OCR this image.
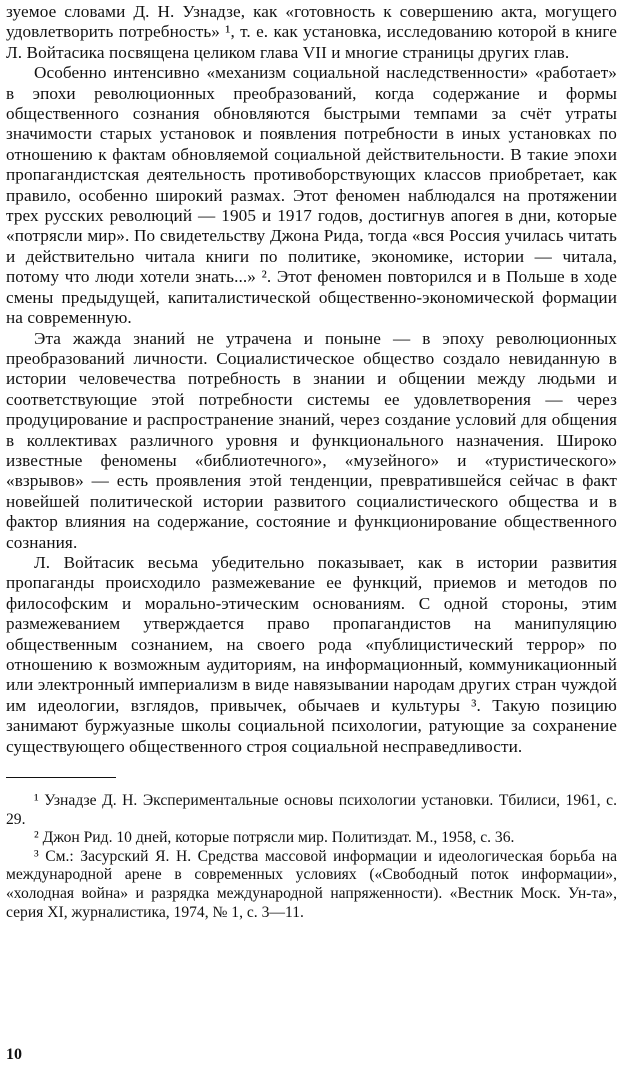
зуемое словами Д. Н. Узнадзе, как «готовность к совершению акта, могущего удовлетворить потребность» ¹, т. е. как установка, исследованию которой в книге Л. Войтасика посвящена целиком глава VII и многие страницы других глав.

Особенно интенсивно «механизм социальной наследственности» «работает» в эпохи революционных преобразований, когда содержание и формы общественного сознания обновляются быстрыми темпами за счёт утраты значимости старых установок и появления потребности в иных установках по отношению к фактам обновляемой социальной действительности. В такие эпохи пропагандистская деятельность противоборствующих классов приобретает, как правило, особенно широкий размах. Этот феномен наблюдался на протяжении трех русских революций — 1905 и 1917 годов, достигнув апогея в дни, которые «потрясли мир». По свидетельству Джона Рида, тогда «вся Россия училась читать и действительно читала книги по политике, экономике, истории — читала, потому что люди хотели знать...» ². Этот феномен повторился и в Польше в ходе смены предыдущей, капиталистической общественно-экономической формации на современную.

Эта жажда знаний не утрачена и поныне — в эпоху революционных преобразований личности. Социалистическое общество создало невиданную в истории человечества потребность в знании и общении между людьми и соответствующие этой потребности системы ее удовлетворения — через продуцирование и распространение знаний, через создание условий для общения в коллективах различного уровня и функционального назначения. Широко известные феномены «библиотечного», «музейного» и «туристического» «взрывов» — есть проявления этой тенденции, превратившейся сейчас в факт новейшей политической истории развитого социалистического общества и в фактор влияния на содержание, состояние и функционирование общественного сознания.

Л. Войтасик весьма убедительно показывает, как в истории развития пропаганды происходило размежевание ее функций, приемов и методов по философским и морально-этическим основаниям. С одной стороны, этим размежеванием утверждается право пропагандистов на манипуляцию общественным сознанием, на своего рода «публицистический террор» по отношению к возможным аудиториям, на информационный, коммуникационный или электронный империализм в виде навязывании народам других стран чуждой им идеологии, взглядов, привычек, обычаев и культуры ³. Такую позицию занимают буржуазные школы социальной психологии, ратующие за сохранение существующего общественного строя социальной несправедливости.

¹ Узнадзе Д. Н. Экспериментальные основы психологии установки. Тбилиси, 1961, с. 29.

² Джон Рид. 10 дней, которые потрясли мир. Политиздат. М., 1958, с. 36.

³ См.: Засурский Я. Н. Средства массовой информации и идеологическая борьба на международной арене в современных условиях («Свободный поток информации», «холодная война» и разрядка международной напряженности). «Вестник Моск. Ун-та», серия XI, журналистика, 1974, № 1, с. 3—11.

10
